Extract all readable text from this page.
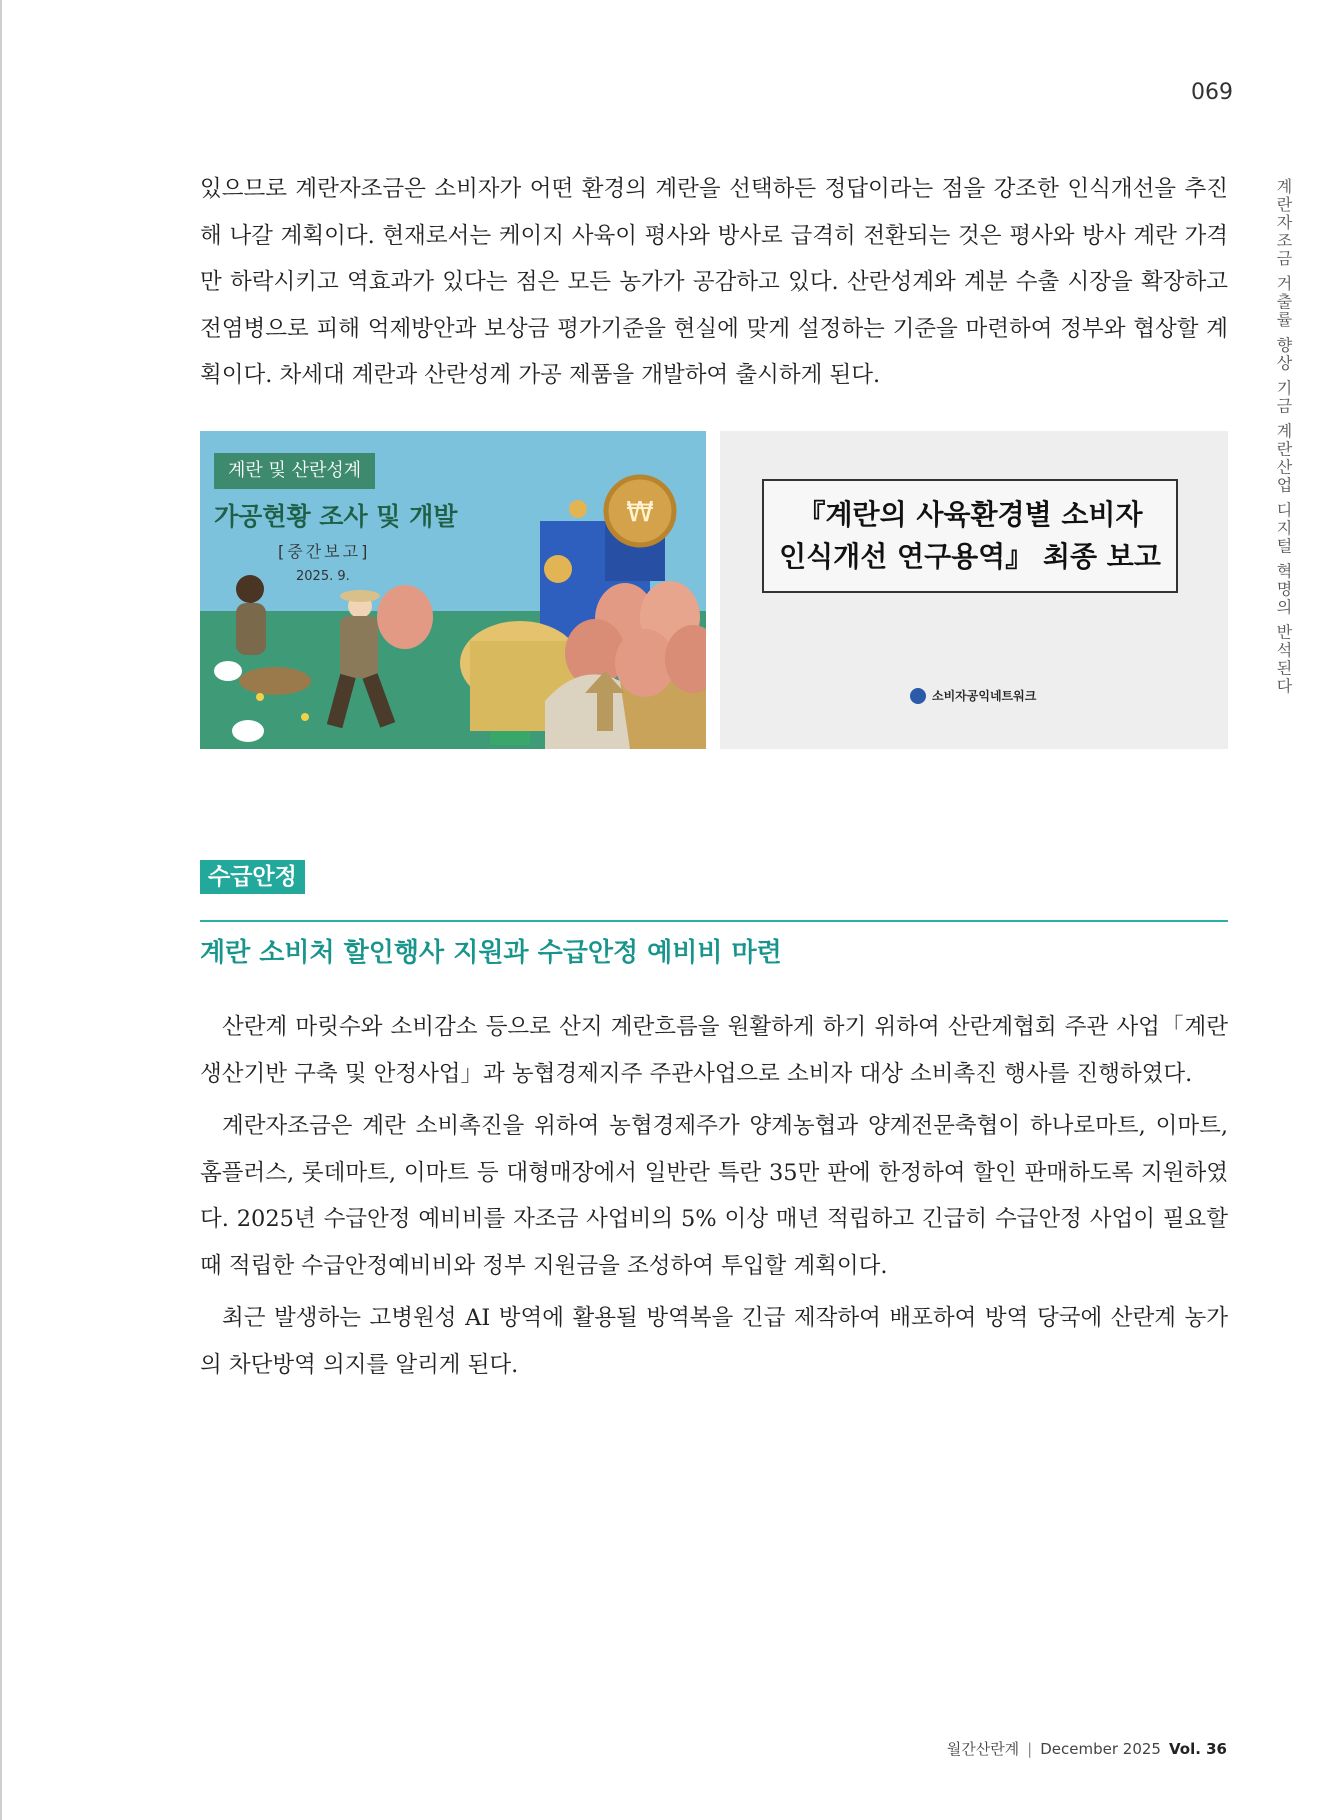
069
계란자조금 거출률 향상 기금 계란산업 디지털 혁명의 반석된다
있으므로 계란자조금은 소비자가 어떤 환경의 계란을 선택하든 정답이라는 점을 강조한 인식개선을 추진해 나갈 계획이다. 현재로서는 케이지 사육이 평사와 방사로 급격히 전환되는 것은 평사와 방사 계란 가격만 하락시키고 역효과가 있다는 점은 모든 농가가 공감하고 있다. 산란성계와 계분 수출 시장을 확장하고 전염병으로 피해 억제방안과 보상금 평가기준을 현실에 맞게 설정하는 기준을 마련하여 정부와 협상할 계획이다. 차세대 계란과 산란성계 가공 제품을 개발하여 출시하게 된다.
₩
계란 및 산란성계
가공현황 조사 및 개발
[중간보고]
2025. 9.
『계란의 사육환경별 소비자
인식개선 연구용역』 최종 보고
소비자공익네트워크
수급안정
계란 소비처 할인행사 지원과 수급안정 예비비 마련

산란계 마릿수와 소비감소 등으로 산지 계란흐름을 원활하게 하기 위하여 산란계협회 주관 사업「계란 생산기반 구축 및 안정사업」과 농협경제지주 주관사업으로 소비자 대상 소비촉진 행사를 진행하였다.

계란자조금은 계란 소비촉진을 위하여 농협경제주가 양계농협과 양계전문축협이 하나로마트, 이마트, 홈플러스, 롯데마트, 이마트 등 대형매장에서 일반란 특란 35만 판에 한정하여 할인 판매하도록 지원하였다. 2025년 수급안정 예비비를 자조금 사업비의 5% 이상 매년 적립하고 긴급히 수급안정 사업이 필요할 때 적립한 수급안정예비비와 정부 지원금을 조성하여 투입할 계획이다.

최근 발생하는 고병원성 AI 방역에 활용될 방역복을 긴급 제작하여 배포하여 방역 당국에 산란계 농가의 차단방역 의지를 알리게 된다.

월간산란계 | December 2025 Vol. 36
